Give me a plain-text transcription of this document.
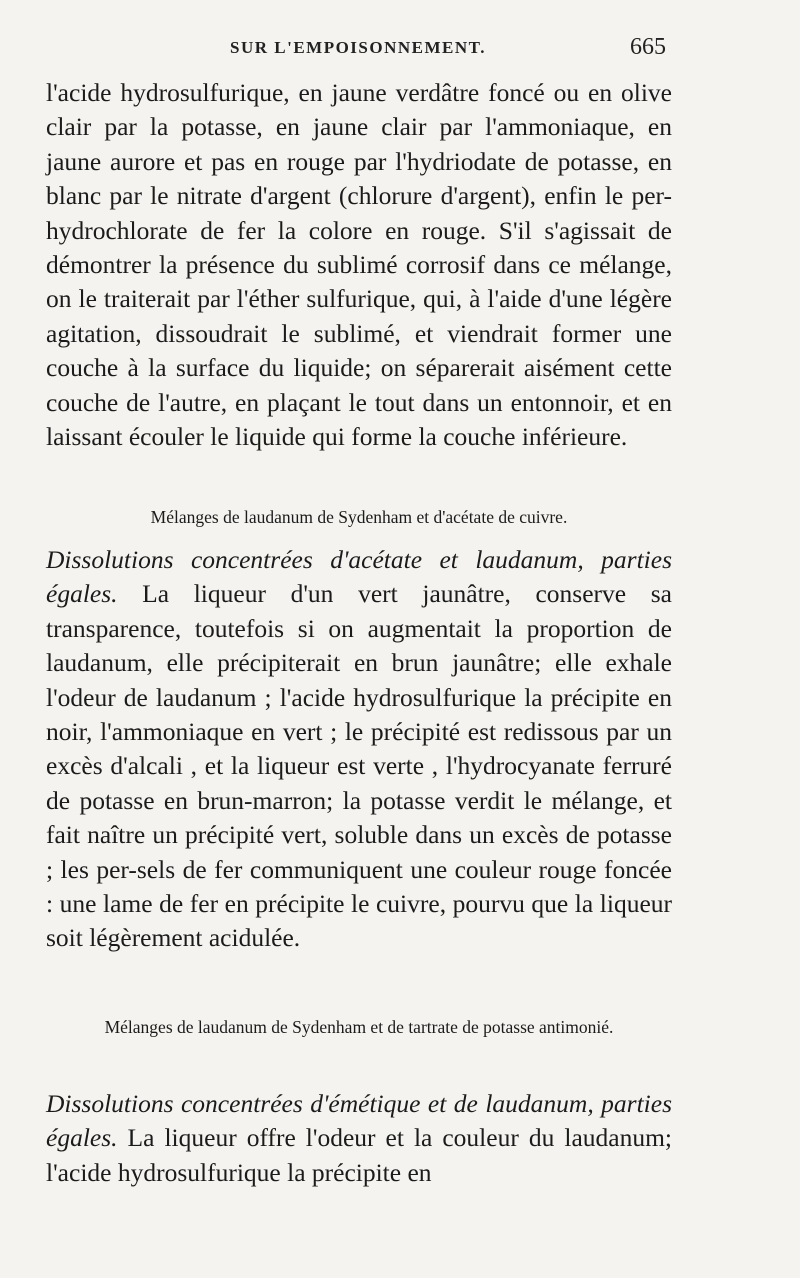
SUR L'EMPOISONNEMENT.	665

l'acide hydrosulfurique, en jaune verdâtre foncé ou en olive clair par la potasse, en jaune clair par l'ammoniaque, en jaune aurore et pas en rouge par l'hydriodate de potasse, en blanc par le nitrate d'argent (chlorure d'argent), enfin le per-hydrochlorate de fer la colore en rouge. S'il s'agissait de démontrer la présence du sublimé corrosif dans ce mélange, on le traiterait par l'éther sulfurique, qui, à l'aide d'une légère agitation, dissoudrait le sublimé, et viendrait former une couche à la surface du liquide; on séparerait aisément cette couche de l'autre, en plaçant le tout dans un entonnoir, et en laissant écouler le liquide qui forme la couche inférieure.

Mélanges de laudanum de Sydenham et d'acétate de cuivre.

Dissolutions concentrées d'acétate et laudanum, parties égales. La liqueur d'un vert jaunâtre, conserve sa transparence, toutefois si on augmentait la proportion de laudanum, elle précipiterait en brun jaunâtre; elle exhale l'odeur de laudanum ; l'acide hydrosulfurique la précipite en noir, l'ammoniaque en vert ; le précipité est redissous par un excès d'alcali , et la liqueur est verte , l'hydrocyanate ferruré de potasse en brun-marron; la potasse verdit le mélange, et fait naître un précipité vert, soluble dans un excès de potasse ; les per-sels de fer communiquent une couleur rouge foncée : une lame de fer en précipite le cuivre, pourvu que la liqueur soit légèrement acidulée.

Mélanges de laudanum de Sydenham et de tartrate de potasse antimonié.

Dissolutions concentrées d'émétique et de laudanum, parties égales. La liqueur offre l'odeur et la couleur du laudanum; l'acide hydrosulfurique la précipite en
